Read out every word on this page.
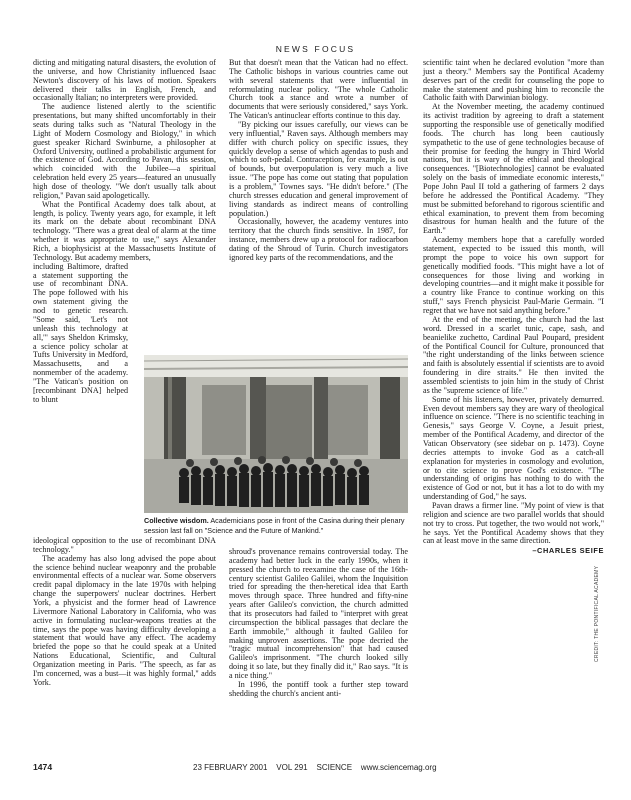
NEWS FOCUS

dicting and mitigating natural disasters, the evolution of the universe, and how Christianity influenced Isaac Newton's discovery of his laws of motion. Speakers delivered their talks in English, French, and occasionally Italian; no interpreters were provided.

The audience listened alertly to the scientific presentations, but many shifted uncomfortably in their seats during talks such as "Natural Theology in the Light of Modern Cosmology and Biology," in which guest speaker Richard Swinburne, a philosopher at Oxford University, outlined a probabilistic argument for the existence of God. According to Pavan, this session, which coincided with the Jubilee—a spiritual celebration held every 25 years—featured an unusually high dose of theology. "We don't usually talk about religion," Pavan said apologetically.

What the Pontifical Academy does talk about, at length, is policy. Twenty years ago, for example, it left its mark on the debate about recombinant DNA technology. "There was a great deal of alarm at the time whether it was appropriate to use," says Alexander Rich, a biophysicist at the Massachusetts Institute of Technology. But academy members,

including Baltimore, drafted a statement supporting the use of recombinant DNA. The pope followed with his own statement giving the nod to genetic research. "Some said, 'Let's not unleash this technology at all,'" says Sheldon Krimsky, a science policy scholar at Tufts University in Medford, Massachusetts, and a nonmember of the academy. "The Vatican's position on [recombinant DNA] helped to blunt

ideological opposition to the use of recombinant DNA technology."

The academy has also long advised the pope about the science behind nuclear weaponry and the probable environmental effects of a nuclear war. Some observers credit papal diplomacy in the late 1970s with helping change the superpowers' nuclear doctrines. Herbert York, a physicist and the former head of Lawrence Livermore National Laboratory in California, who was active in formulating nuclear-weapons treaties at the time, says the pope was having difficulty developing a statement that would have any effect. The academy briefed the pope so that he could speak at a United Nations Educational, Scientific, and Cultural Organization meeting in Paris. "The speech, as far as I'm concerned, was a bust—it was highly formal," adds York.

But that doesn't mean that the Vatican had no effect. The Catholic bishops in various countries came out with several statements that were influential in reformulating nuclear policy. "The whole Catholic Church took a stance and wrote a number of documents that were seriously considered," says York. The Vatican's antinuclear efforts continue to this day.

"By picking our issues carefully, our views can be very influential," Raven says. Although members may differ with church policy on specific issues, they quickly develop a sense of which agendas to push and which to soft-pedal. Contraception, for example, is out of bounds, but overpopulation is very much a live issue. "The pope has come out stating that population is a problem," Townes says. "He didn't before." (The church stresses education and general improvement of living standards as indirect means of controlling population.)

Occasionally, however, the academy ventures into territory that the church finds sensitive. In 1987, for instance, members drew up a protocol for radiocarbon dating of the Shroud of Turin. Church investigators ignored key parts of the recommendations, and the

shroud's provenance remains controversial today. The academy had better luck in the early 1990s, when it pressed the church to reexamine the case of the 16th-century scientist Galileo Galilei, whom the Inquisition tried for spreading the then-heretical idea that Earth moves through space. Three hundred and fifty-nine years after Galileo's conviction, the church admitted that its prosecutors had failed to "interpret with great circumspection the biblical passages that declare the Earth immobile," although it faulted Galileo for making unproven assertions. The pope decried the "tragic mutual incomprehension" that had caused Galileo's imprisonment. "The church looked silly doing it so late, but they finally did it," Rao says. "It is a nice thing."

In 1996, the pontiff took a further step toward shedding the church's ancient anti-

scientific taint when he declared evolution "more than just a theory." Members say the Pontifical Academy deserves part of the credit for counseling the pope to make the statement and pushing him to reconcile the Catholic faith with Darwinian biology.

At the November meeting, the academy continued its activist tradition by agreeing to draft a statement supporting the responsible use of genetically modified foods. The church has long been cautiously sympathetic to the use of gene technologies because of their promise for feeding the hungry in Third World nations, but it is wary of the ethical and theological consequences. "[Biotechnologies] cannot be evaluated solely on the basis of immediate economic interests," Pope John Paul II told a gathering of farmers 2 days before he addressed the Pontifical Academy. "They must be submitted beforehand to rigorous scientific and ethical examination, to prevent them from becoming disastrous for human health and the future of the Earth."

Academy members hope that a carefully worded statement, expected to be issued this month, will prompt the pope to voice his own support for genetically modified foods. "This might have a lot of consequences for those living and working in developing countries—and it might make it possible for a country like France to continue working on this stuff," says French physicist Paul-Marie Germain. "I regret that we have not said anything before."

At the end of the meeting, the church had the last word. Dressed in a scarlet tunic, cape, sash, and beanielike zuchetto, Cardinal Paul Poupard, president of the Pontifical Council for Culture, pronounced that "the right understanding of the links between science and faith is absolutely essential if scientists are to avoid foundering in dire straits." He then invited the assembled scientists to join him in the study of Christ as the "supreme science of life."

Some of his listeners, however, privately demurred. Even devout members say they are wary of theological influence on science. "There is no scientific teaching in Genesis," says George V. Coyne, a Jesuit priest, member of the Pontifical Academy, and director of the Vatican Observatory (see sidebar on p. 1473). Coyne decries attempts to invoke God as a catch-all explanation for mysteries in cosmology and evolution, or to cite science to prove God's existence. "The understanding of origins has nothing to do with the existence of God or not, but it has a lot to do with my understanding of God," he says.

Pavan draws a firmer line. "My point of view is that religion and science are two parallel worlds that should not try to cross. Put together, the two would not work," he says. Yet the Pontifical Academy shows that they can at least move in the same direction.

–CHARLES SEIFE
Collective wisdom. Academicians pose in front of the Casina during their plenary session last fall on "Science and the Future of Mankind."
CREDIT: THE PONTIFICAL ACADEMY
1474	23 FEBRUARY 2001    VOL 291    SCIENCE    www.sciencemag.org
